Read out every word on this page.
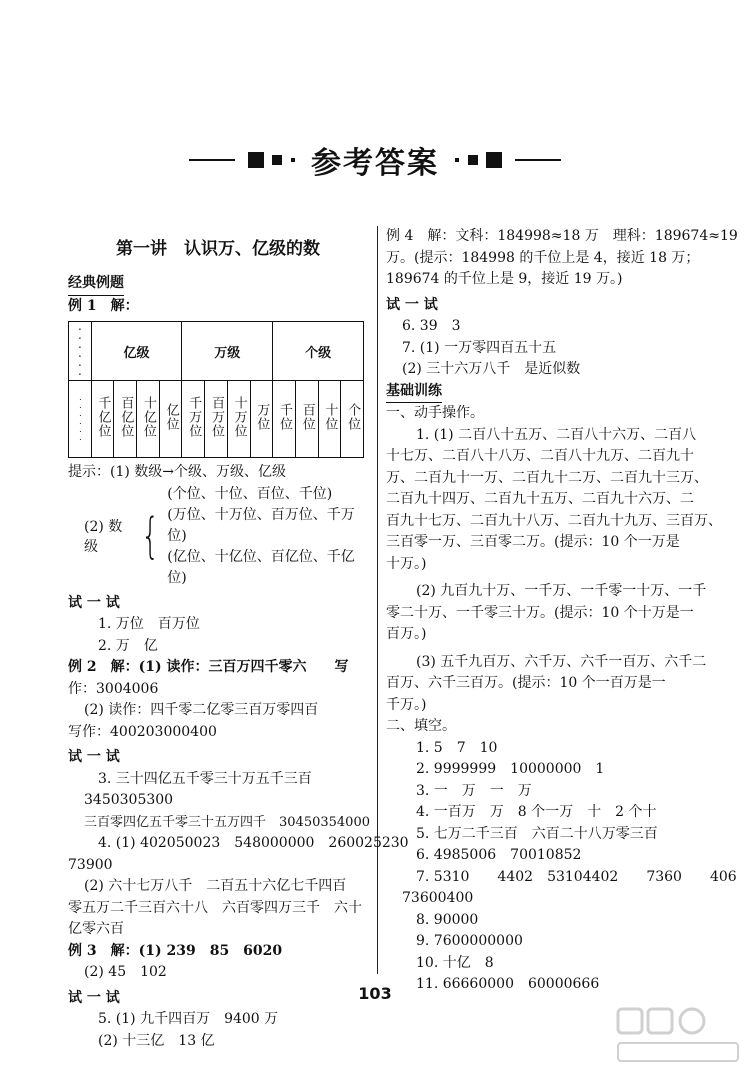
参考答案
第一讲　认识万、亿级的数
经典例题
例 1　解：
......	亿级				万级				个级			
......	千亿位	百亿位	十亿位	亿位	千万位	百万位	十万位	万位	千位	百位	十位	个位
提示：(1) 数级→个级、万级、亿级
(2) 数级 {
(个位、十位、百位、千位)
(万位、十万位、百万位、千万位)
(亿位、十亿位、百亿位、千亿位)
试 一 试
1. 万位　百万位
2. 万　亿
例 2　解：(1) 读作：三百万四千零六　　写
作：3004006
(2) 读作：四千零二亿零三百万零四百
写作：400203000400
试 一 试
3. 三十四亿五千零三十万五千三百
3450305300
三百零四亿五千零三十五万四千　30450354000
4. (1) 402050023　548000000　260025230
73900
(2) 六十七万八千　二百五十六亿七千四百
零五万二千三百六十八　六百零四万三千　六十
亿零六百
例 3　解：(1) 239　85　6020
(2) 45　102
试 一 试
5. (1) 九千四百万　9400 万
(2) 十三亿　13 亿
例 4　解：文科：184998≈18 万　理科：189674≈19
万。(提示：184998 的千位上是 4，接近 18 万；
189674 的千位上是 9，接近 19 万。)
试 一 试
6. 39　3
7. (1) 一万零四百五十五
(2) 三十六万八千　是近似数
基础训练
一、动手操作。
1. (1) 二百八十五万、二百八十六万、二百八
十七万、二百八十八万、二百八十九万、二百九十
万、二百九十一万、二百九十二万、二百九十三万、
二百九十四万、二百九十五万、二百九十六万、二
百九十七万、二百九十八万、二百九十九万、三百万、
三百零一万、三百零二万。(提示：10 个一万是
十万。)
(2) 九百九十万、一千万、一千零一十万、一千
零二十万、一千零三十万。(提示：10 个十万是一
百万。)
(3) 五千九百万、六千万、六千一百万、六千二
百万、六千三百万。(提示：10 个一百万是一
千万。)
二、填空。
1. 5　7　10
2. 9999999　10000000　1
3. 一　万　一　万
4. 一百万　万　8 个一万　十　2 个十
5. 七万二千三百　六百二十八万零三百
6. 4985006　70010852
7. 5310　　4402　53104402　　7360　　406
73600400
8. 90000
9. 7600000000
10. 十亿　8
11. 66660000　60000666
103
